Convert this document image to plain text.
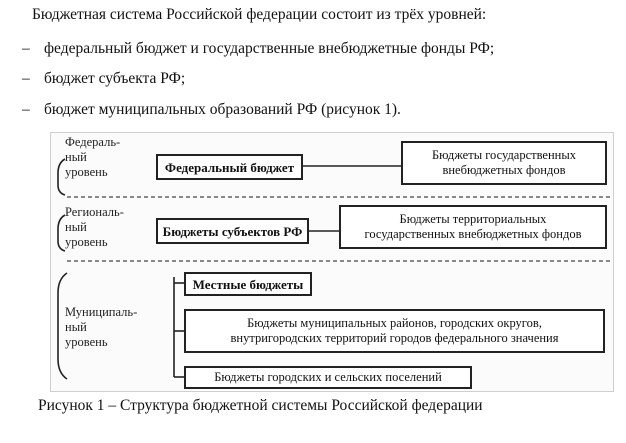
Бюджетная система Российской федерации состоит из трёх уровней:
– федеральный бюджет и государственные внебюджетные фонды РФ;
– бюджет субъекта РФ;
– бюджет муниципальных образований РФ (рисунок 1).
Федераль-
ный
уровень
Региональ-
ный
уровень
Муниципаль-
ный
уровень
Федеральный бюджет
Бюджеты государственных
внебюджетных фондов
Бюджеты субъектов РФ
Бюджеты территориальных
государственных внебюджетных фондов
Местные бюджеты
Бюджеты муниципальных районов, городских округов,
внутригородских территорий городов федерального значения
Бюджеты городских и сельских поселений
Рисунок 1 – Структура бюджетной системы Российской федерации
